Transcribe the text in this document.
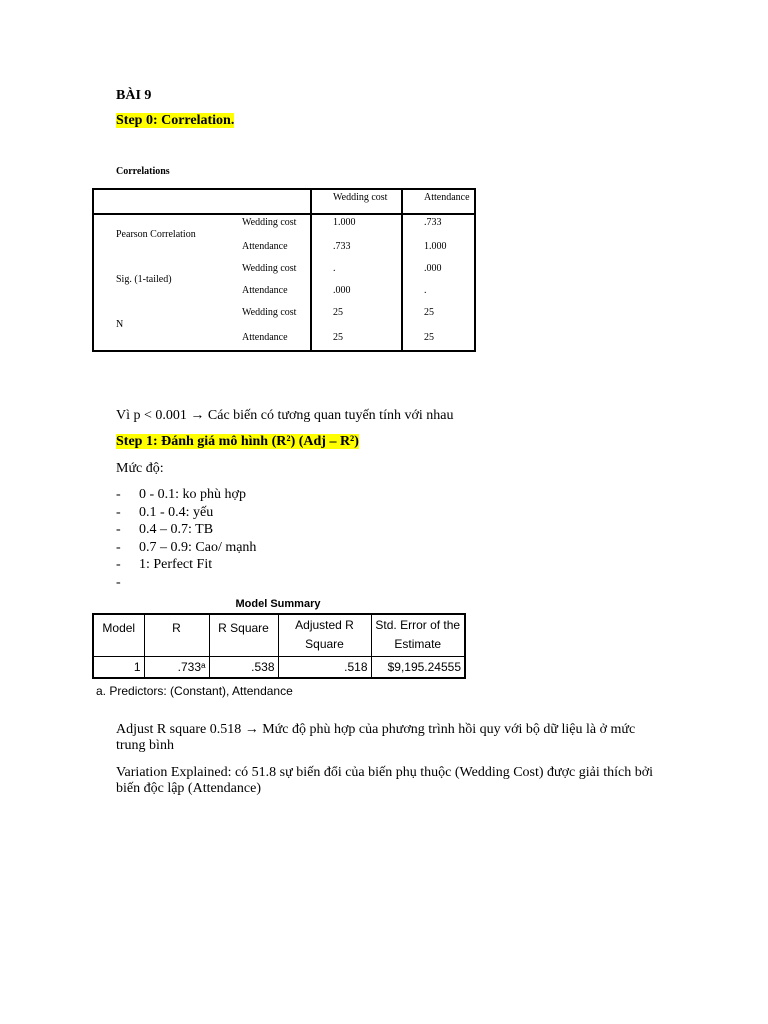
BÀI 9
Step 0: Correlation.
Correlations
Wedding cost	Attendance
Pearson Correlation
Wedding cost	1.000	.733
Attendance	.733	1.000
Sig. (1-tailed)
Wedding cost	.	.000
Attendance	.000	.
N
Wedding cost	25	25
Attendance	25	25
Vì p < 0.001 → Các biến có tương quan tuyến tính với nhau
Step 1: Đánh giá mô hình (R²) (Adj – R²)
Mức độ:
- 0 - 0.1: ko phù hợp
- 0.1 - 0.4: yếu
- 0.4 – 0.7: TB
- 0.7 – 0.9: Cao/ mạnh
- 1: Perfect Fit
-
Model Summary
Model	R	R Square	Adjusted R Square	Std. Error of the Estimate
1	.733ᵃ	.538	.518	$9,195.24555
a. Predictors: (Constant), Attendance
Adjust R square 0.518 → Mức độ phù hợp của phương trình hồi quy với bộ dữ liệu là ở mức trung bình
Variation Explained: có 51.8 sự biến đổi của biến phụ thuộc (Wedding Cost) được giải thích bởi biến độc lập (Attendance)
